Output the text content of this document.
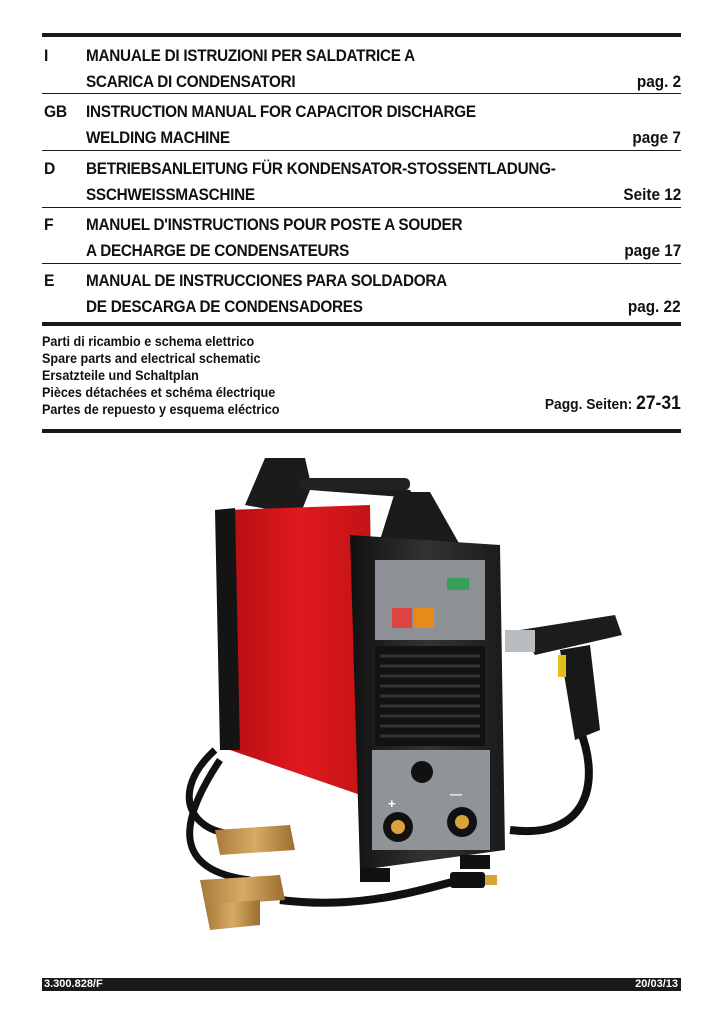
I MANUALE DI ISTRUZIONI PER SALDATRICE A
SCARICA DI CONDENSATORI	pag. 2
GB INSTRUCTION MANUAL FOR CAPACITOR DISCHARGE
WELDING MACHINE	page 7
D BETRIEBSANLEITUNG FÜR KONDENSATOR-STOSSENTLADUNG-
SSCHWEISSMASCHINE	Seite 12
F MANUEL D'INSTRUCTIONS POUR POSTE A SOUDER
A DECHARGE DE CONDENSATEURS	page 17
E MANUAL DE INSTRUCCIONES PARA SOLDADORA
DE DESCARGA DE CONDENSADORES	pag. 22
Parti di ricambio e schema elettrico
Spare parts and electrical schematic
Ersatzteile und Schaltplan
Pièces détachées et schéma électrique
Partes de repuesto y esquema eléctrico	Pagg. Seiten: 27-31
+
—
3.300.828/F	20/03/13
